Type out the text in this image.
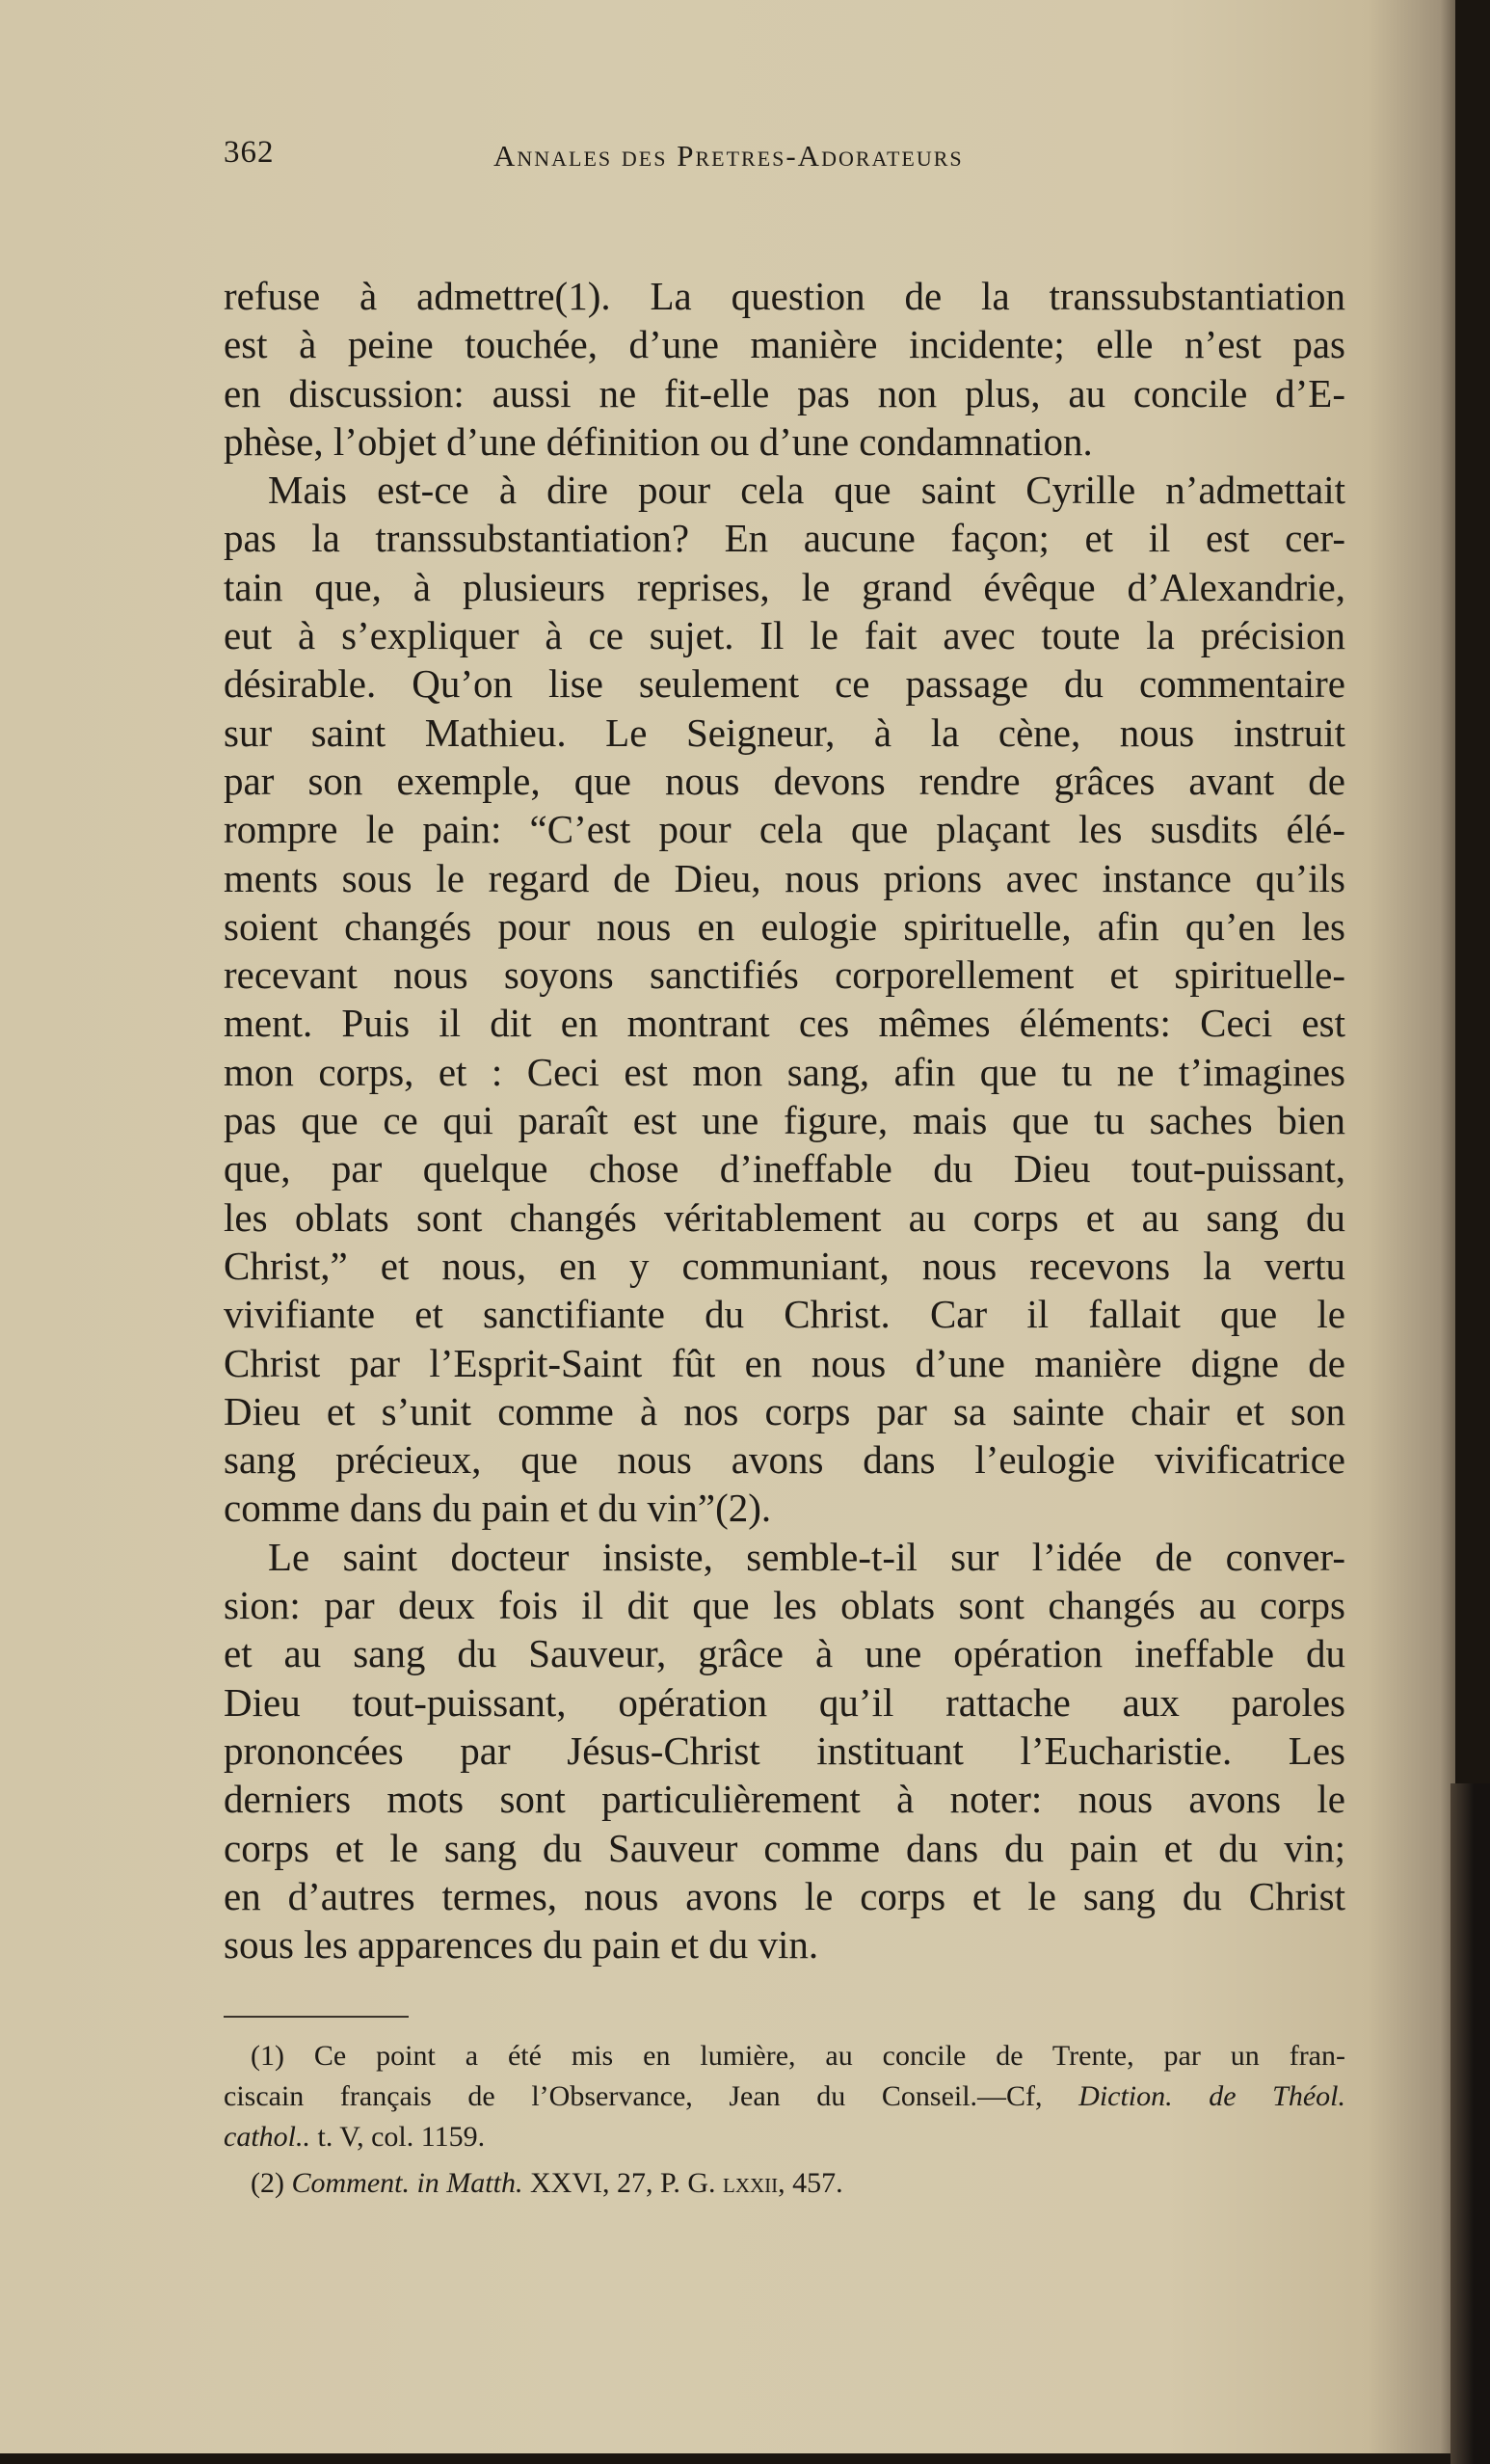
362	Annales des Pretres-Adorateurs
refuse à admettre(1). La question de la transsubstantiation
est à peine touchée, d’une manière incidente; elle n’est pas
en discussion: aussi ne fit-elle pas non plus, au concile d’E-
phèse, l’objet d’une définition ou d’une condamnation.
Mais est-ce à dire pour cela que saint Cyrille n’admettait
pas la transsubstantiation? En aucune façon; et il est cer-
tain que, à plusieurs reprises, le grand évêque d’Alexandrie,
eut à s’expliquer à ce sujet. Il le fait avec toute la précision
désirable. Qu’on lise seulement ce passage du commentaire
sur saint Mathieu. Le Seigneur, à la cène, nous instruit
par son exemple, que nous devons rendre grâces avant de
rompre le pain: “C’est pour cela que plaçant les susdits élé-
ments sous le regard de Dieu, nous prions avec instance qu’ils
soient changés pour nous en eulogie spirituelle, afin qu’en les
recevant nous soyons sanctifiés corporellement et spirituelle-
ment. Puis il dit en montrant ces mêmes éléments: Ceci est
mon corps, et : Ceci est mon sang, afin que tu ne t’imagines
pas que ce qui paraît est une figure, mais que tu saches bien
que, par quelque chose d’ineffable du Dieu tout-puissant,
les oblats sont changés véritablement au corps et au sang du
Christ,” et nous, en y communiant, nous recevons la vertu
vivifiante et sanctifiante du Christ. Car il fallait que le
Christ par l’Esprit-Saint fût en nous d’une manière digne de
Dieu et s’unit comme à nos corps par sa sainte chair et son
sang précieux, que nous avons dans l’eulogie vivificatrice
comme dans du pain et du vin”(2).
Le saint docteur insiste, semble-t-il sur l’idée de conver-
sion: par deux fois il dit que les oblats sont changés au corps
et au sang du Sauveur, grâce à une opération ineffable du
Dieu tout-puissant, opération qu’il rattache aux paroles
prononcées par Jésus-Christ instituant l’Eucharistie. Les
derniers mots sont particulièrement à noter: nous avons le
corps et le sang du Sauveur comme dans du pain et du vin;
en d’autres termes, nous avons le corps et le sang du Christ
sous les apparences du pain et du vin.
(1) Ce point a été mis en lumière, au concile de Trente, par un fran-
ciscain français de l’Observance, Jean du Conseil.—Cf, Diction. de Théol.
cathol.. t. V, col. 1159.
(2) Comment. in Matth. XXVI, 27, P. G. lxxii, 457.
